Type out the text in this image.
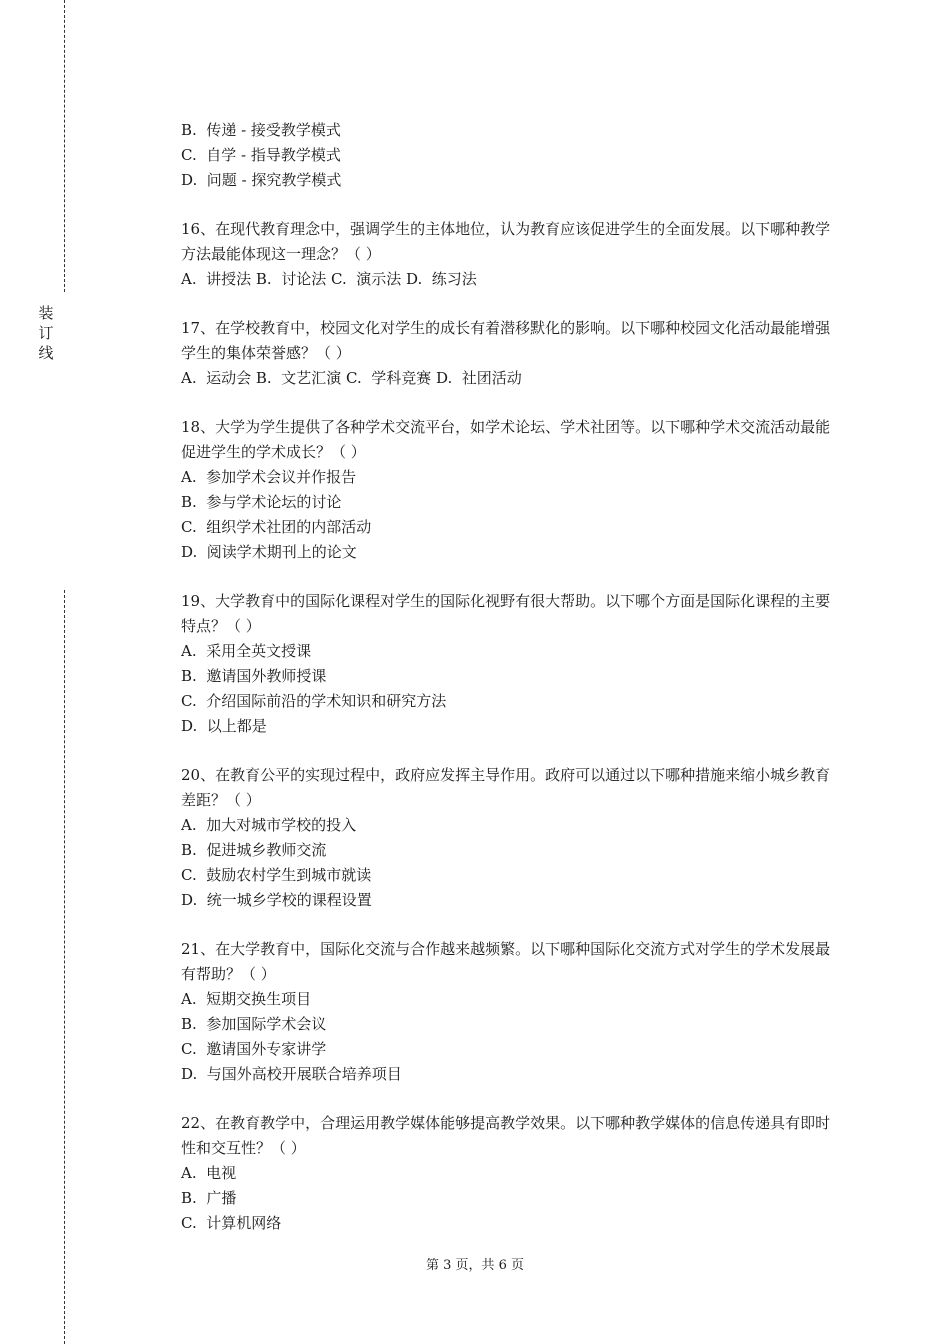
装
订
线

B.  传递 - 接受教学模式

C.  自学 - 指导教学模式

D.  问题 - 探究教学模式

16、在现代教育理念中，强调学生的主体地位，认为教育应该促进学生的全面发展。以下哪种教学方法最能体现这一理念？（ ）

A.  讲授法 B.  讨论法 C.  演示法 D.  练习法

17、在学校教育中，校园文化对学生的成长有着潜移默化的影响。以下哪种校园文化活动最能增强学生的集体荣誉感？（ ）

A.  运动会 B.  文艺汇演 C.  学科竞赛 D.  社团活动

18、大学为学生提供了各种学术交流平台，如学术论坛、学术社团等。以下哪种学术交流活动最能促进学生的学术成长？（ ）

A.  参加学术会议并作报告

B.  参与学术论坛的讨论

C.  组织学术社团的内部活动

D.  阅读学术期刊上的论文

19、大学教育中的国际化课程对学生的国际化视野有很大帮助。以下哪个方面是国际化课程的主要特点？（ ）

A.  采用全英文授课

B.  邀请国外教师授课

C.  介绍国际前沿的学术知识和研究方法

D.  以上都是

20、在教育公平的实现过程中，政府应发挥主导作用。政府可以通过以下哪种措施来缩小城乡教育差距？（ ）

A.  加大对城市学校的投入

B.  促进城乡教师交流

C.  鼓励农村学生到城市就读

D.  统一城乡学校的课程设置

21、在大学教育中，国际化交流与合作越来越频繁。以下哪种国际化交流方式对学生的学术发展最有帮助？（ ）

A.  短期交换生项目

B.  参加国际学术会议

C.  邀请国外专家讲学

D.  与国外高校开展联合培养项目

22、在教育教学中，合理运用教学媒体能够提高教学效果。以下哪种教学媒体的信息传递具有即时性和交互性？（ ）

A.  电视

B.  广播

C.  计算机网络

第 3 页，共 6 页
